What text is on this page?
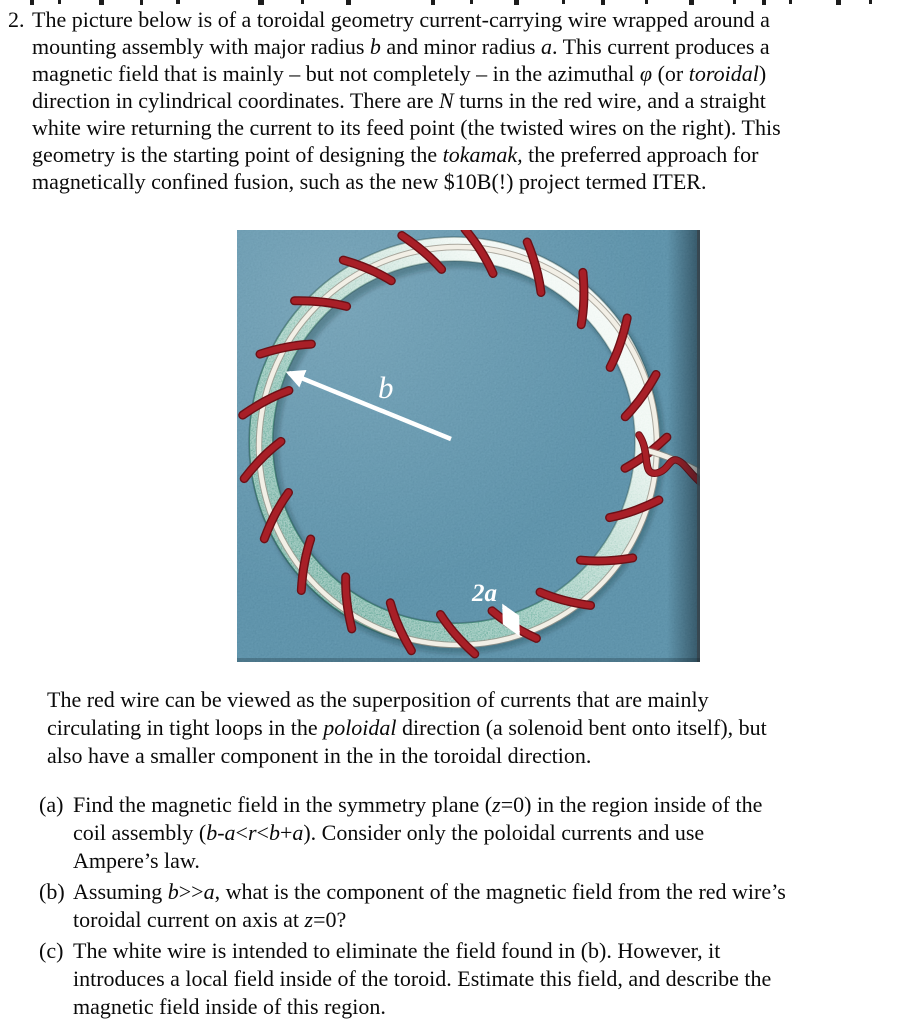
2. The picture below is of a toroidal geometry current-carrying wire wrapped around a
mounting assembly with major radius b and minor radius a. This current produces a
magnetic field that is mainly – but not completely – in the azimuthal φ (or toroidal)
direction in cylindrical coordinates. There are N turns in the red wire, and a straight
white wire returning the current to its feed point (the twisted wires on the right). This
geometry is the starting point of designing the tokamak, the preferred approach for
magnetically confined fusion, such as the new $10B(!) project termed ITER.
b
2a
The red wire can be viewed as the superposition of currents that are mainly
circulating in tight loops in the poloidal direction (a solenoid bent onto itself), but
also have a smaller component in the in the toroidal direction.
(a) Find the magnetic field in the symmetry plane (z=0) in the region inside of the
coil assembly (b-a<r<b+a). Consider only the poloidal currents and use
Ampere’s law.
(b) Assuming b>>a, what is the component of the magnetic field from the red wire’s
toroidal current on axis at z=0?
(c) The white wire is intended to eliminate the field found in (b). However, it
introduces a local field inside of the toroid. Estimate this field, and describe the
magnetic field inside of this region.
